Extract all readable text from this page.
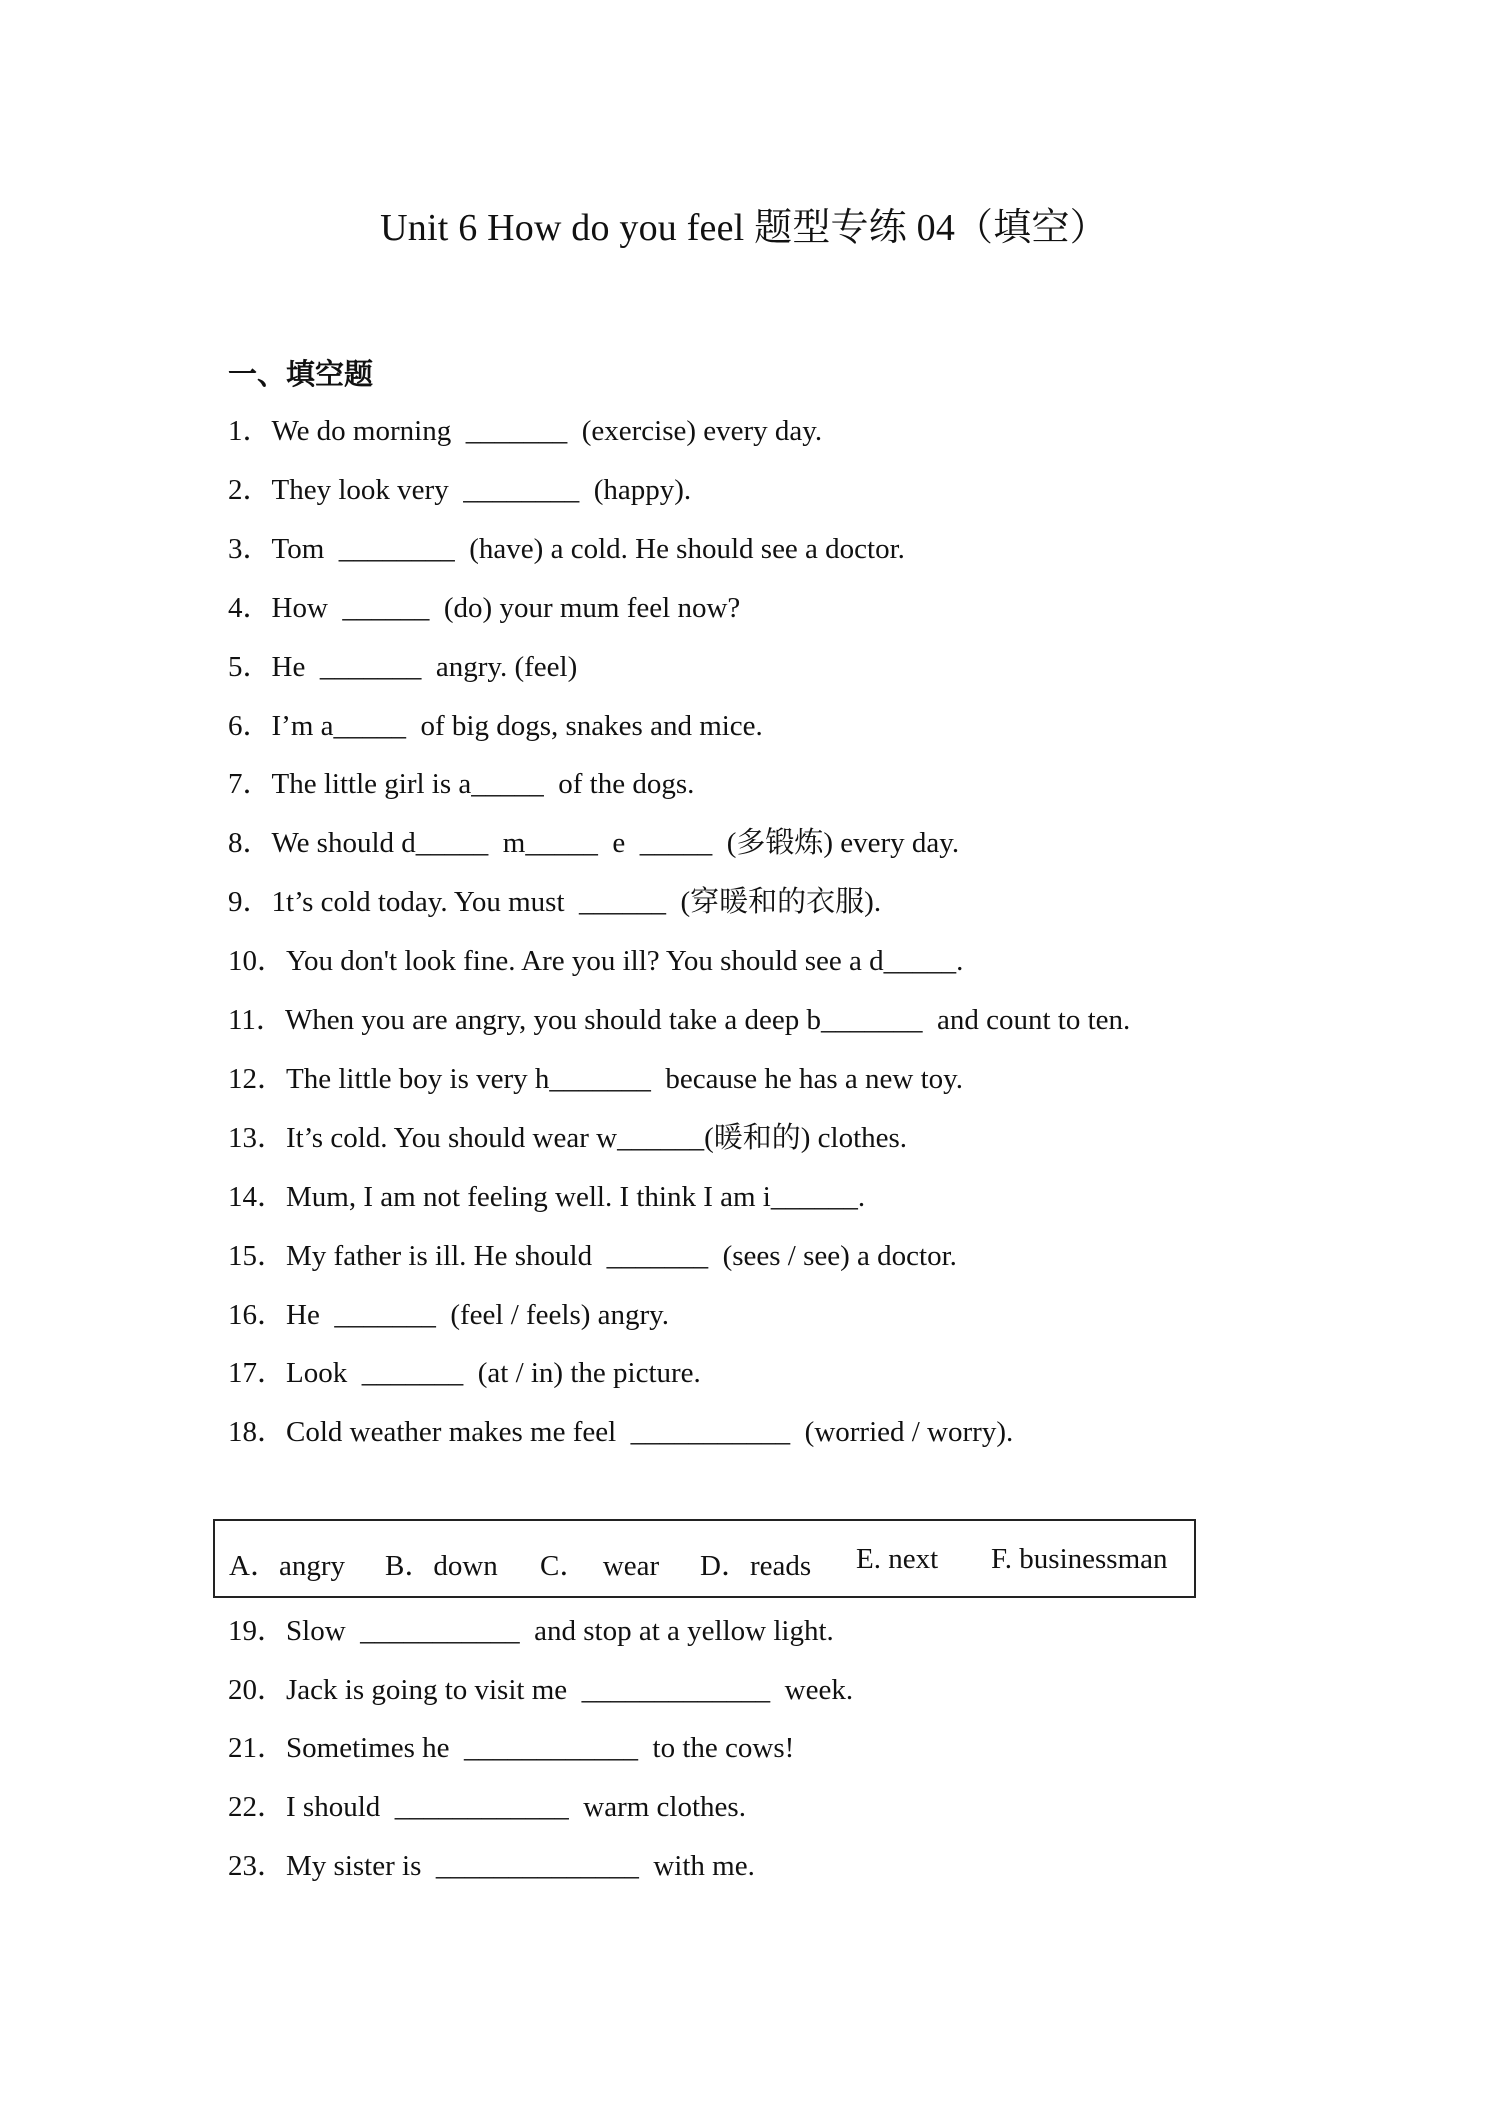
Unit 6 How do you feel 题型专练 04（填空）
一、填空题
1．We do morning  _______  (exercise) every day.
2．They look very  ________  (happy).
3．Tom  ________  (have) a cold. He should see a doctor.
4．How  ______  (do) your mum feel now?
5．He  _______  angry. (feel)
6．I’m a_____  of big dogs, snakes and mice.
7．The little girl is a_____  of the dogs.
8．We should d_____  m_____  e  _____  (多锻炼) every day.
9．1t’s cold today. You must  ______  (穿暖和的衣服).
10．You don't look fine. Are you ill? You should see a d_____.
11．When you are angry, you should take a deep b_______  and count to ten.
12．The little boy is very h_______  because he has a new toy.
13．It’s cold. You should wear w______(暖和的) clothes.
14．Mum, I am not feeling well. I think I am i______.
15．My father is ill. He should  _______  (sees / see) a doctor.
16．He  _______  (feel / feels) angry.
17．Look  _______  (at / in) the picture.
18．Cold weather makes me feel  ___________  (worried / worry).
A．angry B．down C．  wear D．reads E. next F. businessman
19．Slow  ___________  and stop at a yellow light.
20．Jack is going to visit me  _____________  week.
21．Sometimes he  ____________  to the cows!
22．I should  ____________  warm clothes.
23．My sister is  ______________  with me.
